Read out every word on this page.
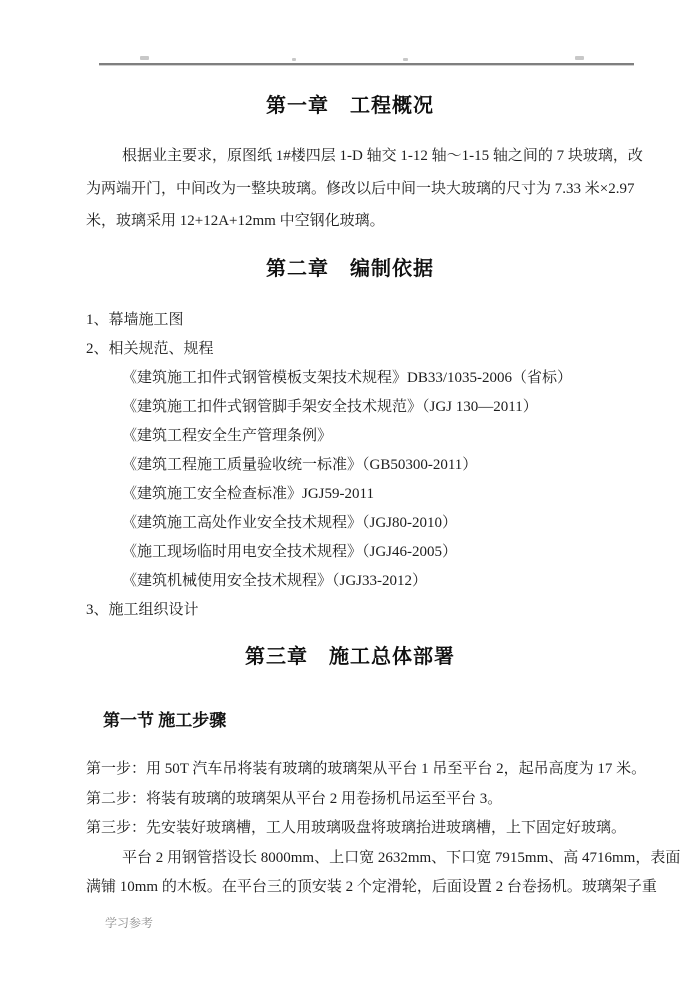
第一章　工程概况
根据业主要求，原图纸 1#楼四层 1-D 轴交 1-12 轴～1-15 轴之间的 7 块玻璃，改
为两端开门，中间改为一整块玻璃。修改以后中间一块大玻璃的尺寸为 7.33 米×2.97
米，玻璃采用 12+12A+12mm 中空钢化玻璃。
第二章　编制依据
1、幕墙施工图
2、相关规范、规程
《建筑施工扣件式钢管模板支架技术规程》DB33/1035-2006（省标）
《建筑施工扣件式钢管脚手架安全技术规范》（JGJ 130—2011）
《建筑工程安全生产管理条例》
《建筑工程施工质量验收统一标准》（GB50300-2011）
《建筑施工安全检查标准》JGJ59-2011
《建筑施工高处作业安全技术规程》（JGJ80-2010）
《施工现场临时用电安全技术规程》（JGJ46-2005）
《建筑机械使用安全技术规程》（JGJ33-2012）
3、施工组织设计
第三章　施工总体部署
第一节 施工步骤
第一步：用 50T 汽车吊将装有玻璃的玻璃架从平台 1 吊至平台 2，起吊高度为 17 米。
第二步：将装有玻璃的玻璃架从平台 2 用卷扬机吊运至平台 3。
第三步：先安装好玻璃槽，工人用玻璃吸盘将玻璃抬进玻璃槽，上下固定好玻璃。
平台 2 用钢管搭设长 8000mm、上口宽 2632mm、下口宽 7915mm、高 4716mm，表面
满铺 10mm 的木板。在平台三的顶安装 2 个定滑轮，后面设置 2 台卷扬机。玻璃架子重
学习参考
